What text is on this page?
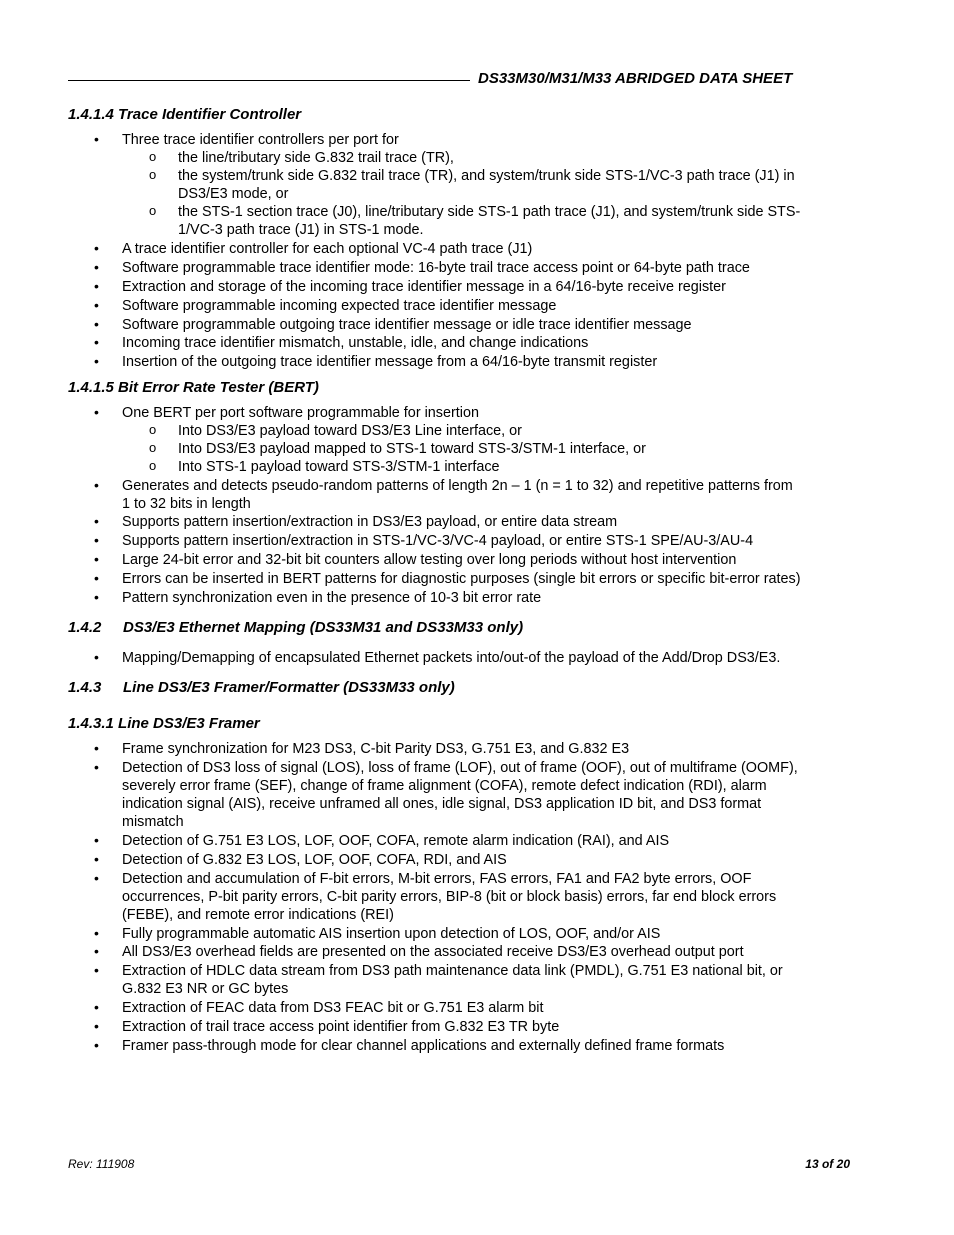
DS33M30/M31/M33 ABRIDGED DATA SHEET
1.4.1.4 Trace Identifier Controller
• Three trace identifier controllers per port for
o the line/tributary side G.832 trail trace (TR),
o the system/trunk side G.832 trail trace (TR), and system/trunk side STS-1/VC-3 path trace (J1) in
DS3/E3 mode, or
o the STS-1 section trace (J0), line/tributary side STS-1 path trace (J1), and system/trunk side STS-
1/VC-3 path trace (J1) in STS-1 mode.
• A trace identifier controller for each optional VC-4 path trace (J1)
• Software programmable trace identifier mode: 16-byte trail trace access point or 64-byte path trace
• Extraction and storage of the incoming trace identifier message in a 64/16-byte receive register
• Software programmable incoming expected trace identifier message
• Software programmable outgoing trace identifier message or idle trace identifier message
• Incoming trace identifier mismatch, unstable, idle, and change indications
• Insertion of the outgoing trace identifier message from a 64/16-byte transmit register
1.4.1.5 Bit Error Rate Tester (BERT)
• One BERT per port software programmable for insertion
o Into DS3/E3 payload toward DS3/E3 Line interface, or
o Into DS3/E3 payload mapped to STS-1 toward STS-3/STM-1 interface, or
o Into STS-1 payload toward STS-3/STM-1 interface
• Generates and detects pseudo-random patterns of length 2n – 1 (n = 1 to 32) and repetitive patterns from
1 to 32 bits in length
• Supports pattern insertion/extraction in DS3/E3 payload, or entire data stream
• Supports pattern insertion/extraction in STS-1/VC-3/VC-4 payload, or entire STS-1 SPE/AU-3/AU-4
• Large 24-bit error and 32-bit bit counters allow testing over long periods without host intervention
• Errors can be inserted in BERT patterns for diagnostic purposes (single bit errors or specific bit-error rates)
• Pattern synchronization even in the presence of 10-3 bit error rate
1.4.2 DS3/E3 Ethernet Mapping (DS33M31 and DS33M33 only)
• Mapping/Demapping of encapsulated Ethernet packets into/out-of the payload of the Add/Drop DS3/E3.
1.4.3 Line DS3/E3 Framer/Formatter (DS33M33 only)
1.4.3.1 Line DS3/E3 Framer
• Frame synchronization for M23 DS3, C-bit Parity DS3, G.751 E3, and G.832 E3
• Detection of DS3 loss of signal (LOS), loss of frame (LOF), out of frame (OOF), out of multiframe (OOMF),
severely error frame (SEF), change of frame alignment (COFA), remote defect indication (RDI), alarm
indication signal (AIS), receive unframed all ones, idle signal, DS3 application ID bit, and DS3 format
mismatch
• Detection of G.751 E3 LOS, LOF, OOF, COFA, remote alarm indication (RAI), and AIS
• Detection of G.832 E3 LOS, LOF, OOF, COFA, RDI, and AIS
• Detection and accumulation of F-bit errors, M-bit errors, FAS errors, FA1 and FA2 byte errors, OOF
occurrences, P-bit parity errors, C-bit parity errors, BIP-8 (bit or block basis) errors, far end block errors
(FEBE), and remote error indications (REI)
• Fully programmable automatic AIS insertion upon detection of LOS, OOF, and/or AIS
• All DS3/E3 overhead fields are presented on the associated receive DS3/E3 overhead output port
• Extraction of HDLC data stream from DS3 path maintenance data link (PMDL), G.751 E3 national bit, or
G.832 E3 NR or GC bytes
• Extraction of FEAC data from DS3 FEAC bit or G.751 E3 alarm bit
• Extraction of trail trace access point identifier from G.832 E3 TR byte
• Framer pass-through mode for clear channel applications and externally defined frame formats
Rev: 111908	13 of 20
